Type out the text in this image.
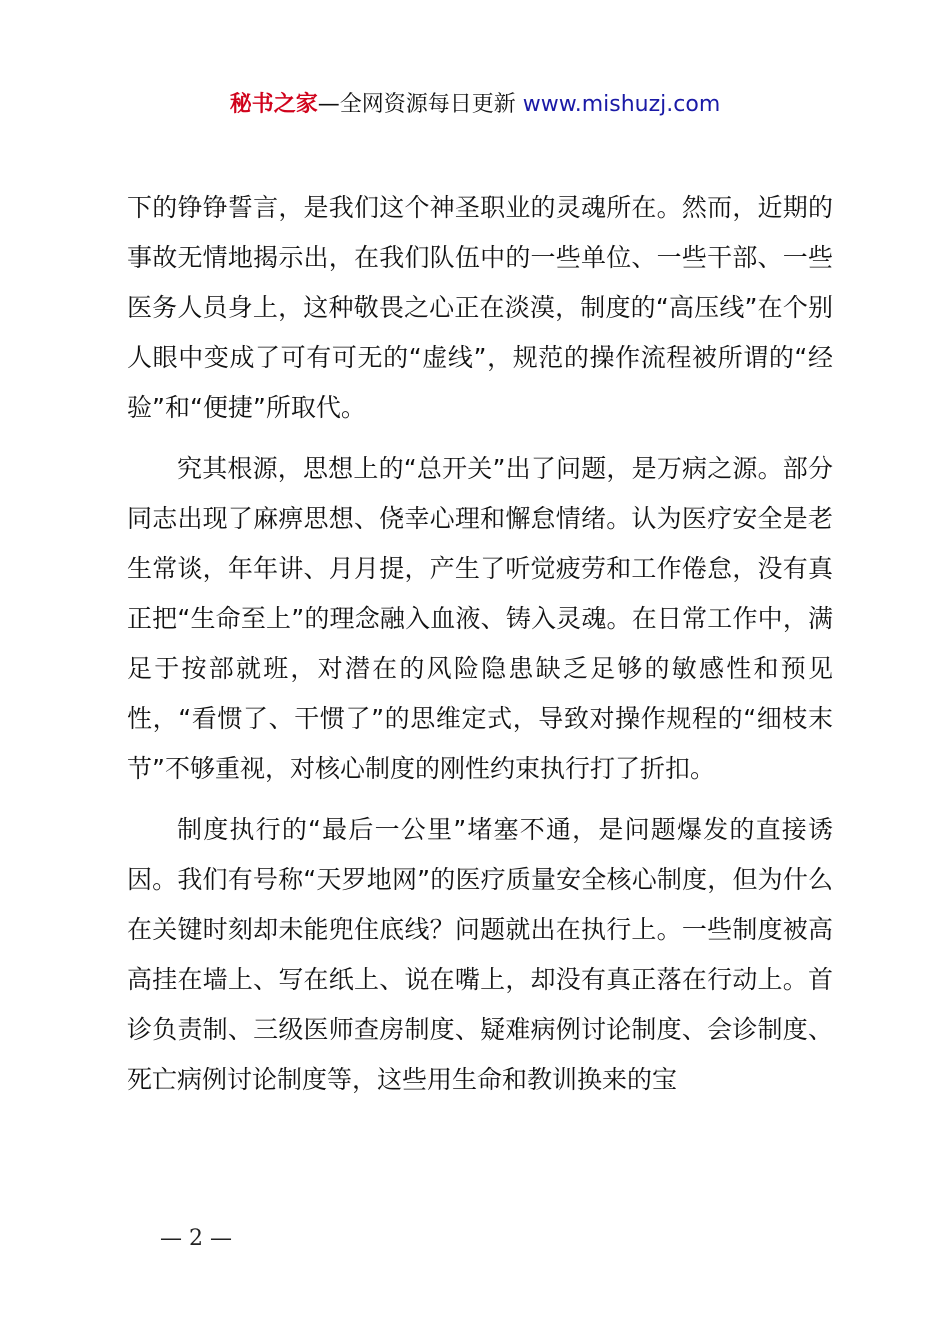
秘书之家—全网资源每日更新 www.mishuzj.com

下的铮铮誓言，是我们这个神圣职业的灵魂所在。然而，近期的事故无情地揭示出，在我们队伍中的一些单位、一些干部、一些医务人员身上，这种敬畏之心正在淡漠，制度的“高压线”在个别人眼中变成了可有可无的“虚线”，规范的操作流程被所谓的“经验”和“便捷”所取代。

究其根源，思想上的“总开关”出了问题，是万病之源。部分同志出现了麻痹思想、侥幸心理和懈怠情绪。认为医疗安全是老生常谈，年年讲、月月提，产生了听觉疲劳和工作倦怠，没有真正把“生命至上”的理念融入血液、铸入灵魂。在日常工作中，满足于按部就班，对潜在的风险隐患缺乏足够的敏感性和预见性，“看惯了、干惯了”的思维定式，导致对操作规程的“细枝末节”不够重视，对核心制度的刚性约束执行打了折扣。

制度执行的“最后一公里”堵塞不通，是问题爆发的直接诱因。我们有号称“天罗地网”的医疗质量安全核心制度，但为什么在关键时刻却未能兜住底线？问题就出在执行上。一些制度被高高挂在墙上、写在纸上、说在嘴上，却没有真正落在行动上。首诊负责制、三级医师查房制度、疑难病例讨论制度、会诊制度、死亡病例讨论制度等，这些用生命和教训换来的宝

— 2 —
